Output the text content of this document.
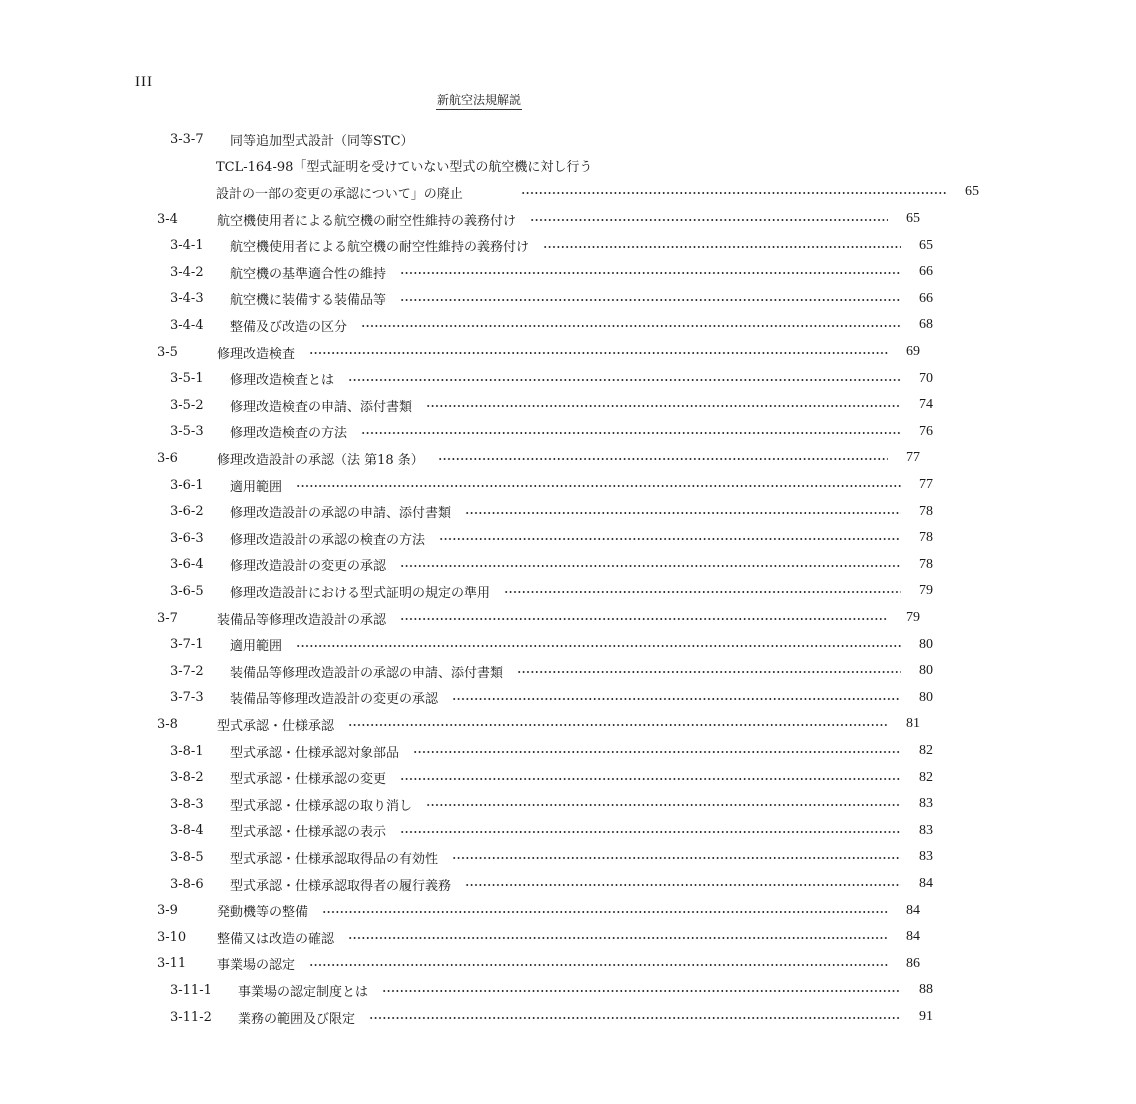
III
新航空法規解説
3-3-7	同等追加型式設計（同等STC）
TCL-164-98「型式証明を受けていない型式の航空機に対し行う
設計の一部の変更の承認について」の廃止	65
3-4	航空機使用者による航空機の耐空性維持の義務付け	65
3-4-1	航空機使用者による航空機の耐空性維持の義務付け	65
3-4-2	航空機の基準適合性の維持	66
3-4-3	航空機に装備する装備品等	66
3-4-4	整備及び改造の区分	68
3-5	修理改造検査	69
3-5-1	修理改造検査とは	70
3-5-2	修理改造検査の申請、添付書類	74
3-5-3	修理改造検査の方法	76
3-6	修理改造設計の承認（法 第18 条）	77
3-6-1	適用範囲	77
3-6-2	修理改造設計の承認の申請、添付書類	78
3-6-3	修理改造設計の承認の検査の方法	78
3-6-4	修理改造設計の変更の承認	78
3-6-5	修理改造設計における型式証明の規定の準用	79
3-7	装備品等修理改造設計の承認	79
3-7-1	適用範囲	80
3-7-2	装備品等修理改造設計の承認の申請、添付書類	80
3-7-3	装備品等修理改造設計の変更の承認	80
3-8	型式承認・仕様承認	81
3-8-1	型式承認・仕様承認対象部品	82
3-8-2	型式承認・仕様承認の変更	82
3-8-3	型式承認・仕様承認の取り消し	83
3-8-4	型式承認・仕様承認の表示	83
3-8-5	型式承認・仕様承認取得品の有効性	83
3-8-6	型式承認・仕様承認取得者の履行義務	84
3-9	発動機等の整備	84
3-10	整備又は改造の確認	84
3-11	事業場の認定	86
3-11-1	事業場の認定制度とは	88
3-11-2	業務の範囲及び限定	91
